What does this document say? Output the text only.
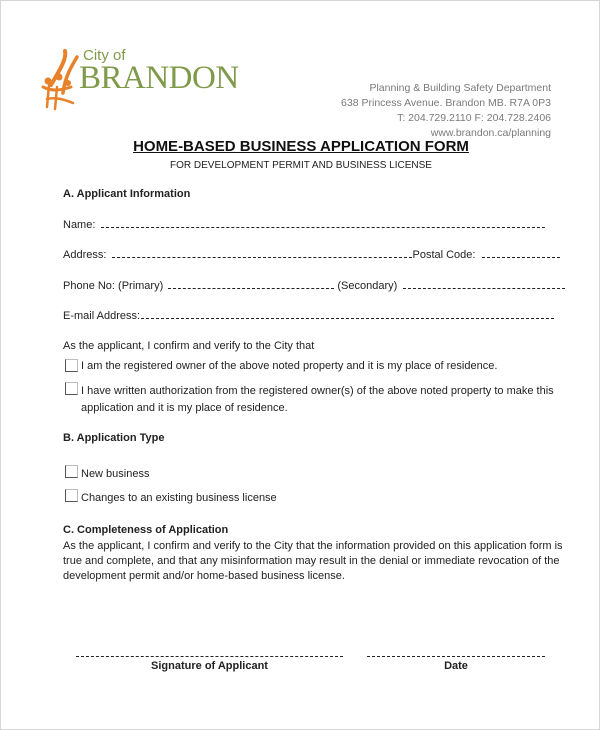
City of
BRANDON	Planning & Building Safety Department
638 Princess Avenue. Brandon MB. R7A 0P3
T: 204.729.2110 F: 204.728.2406
www.brandon.ca/planning
HOME-BASED BUSINESS APPLICATION FORM
FOR DEVELOPMENT PERMIT AND BUSINESS LICENSE
A. Applicant Information
Name:
Address:	Postal Code:
Phone No: (Primary)	(Secondary)
E-mail Address:
As the applicant, I confirm and verify to the City that
I am the registered owner of the above noted property and it is my place of residence.
I have written authorization from the registered owner(s) of the above noted property to make this
application and it is my place of residence.
B. Application Type
New business
Changes to an existing business license
C. Completeness of Application
As the applicant, I confirm and verify to the City that the information provided on this application form is
true and complete, and that any misinformation may result in the denial or immediate revocation of the
development permit and/or home-based business license.
Signature of Applicant	Date
